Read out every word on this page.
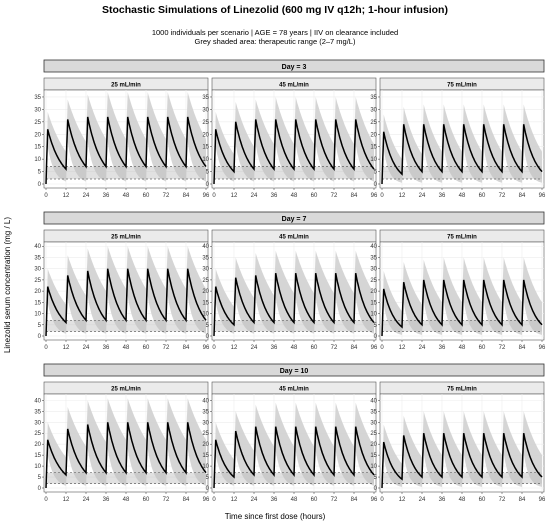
Stochastic Simulations of Linezolid (600 mg IV q12h; 1-hour infusion)
1000 individuals per scenario | AGE = 78 years | IIV on clearance included
Grey shaded area: therapeutic range (2–7 mg/L)
Day = 3
25 mL/min
0
5
10
15
20
25
30
35
0 12 24 36 48 60 72 84 96
45 mL/min
0
5
10
15
20
25
30
35
0 12 24 36 48 60 72 84 96
75 mL/min
0
5
10
15
20
25
30
35
0 12 24 36 48 60 72 84 96
Day = 7
25 mL/min
0
5
10
15
20
25
30
35
40
0 12 24 36 48 60 72 84 96
45 mL/min
0
5
10
15
20
25
30
35
40
0 12 24 36 48 60 72 84 96
75 mL/min
0
5
10
15
20
25
30
35
40
0 12 24 36 48 60 72 84 96
Day = 10
25 mL/min
0
5
10
15
20
25
30
35
40
0 12 24 36 48 60 72 84 96
45 mL/min
0
5
10
15
20
25
30
35
40
0 12 24 36 48 60 72 84 96
75 mL/min
0
5
10
15
20
25
30
35
40
0 12 24 36 48 60 72 84 96
Time since first dose (hours)
Linezolid serum concentration (mg / L)
